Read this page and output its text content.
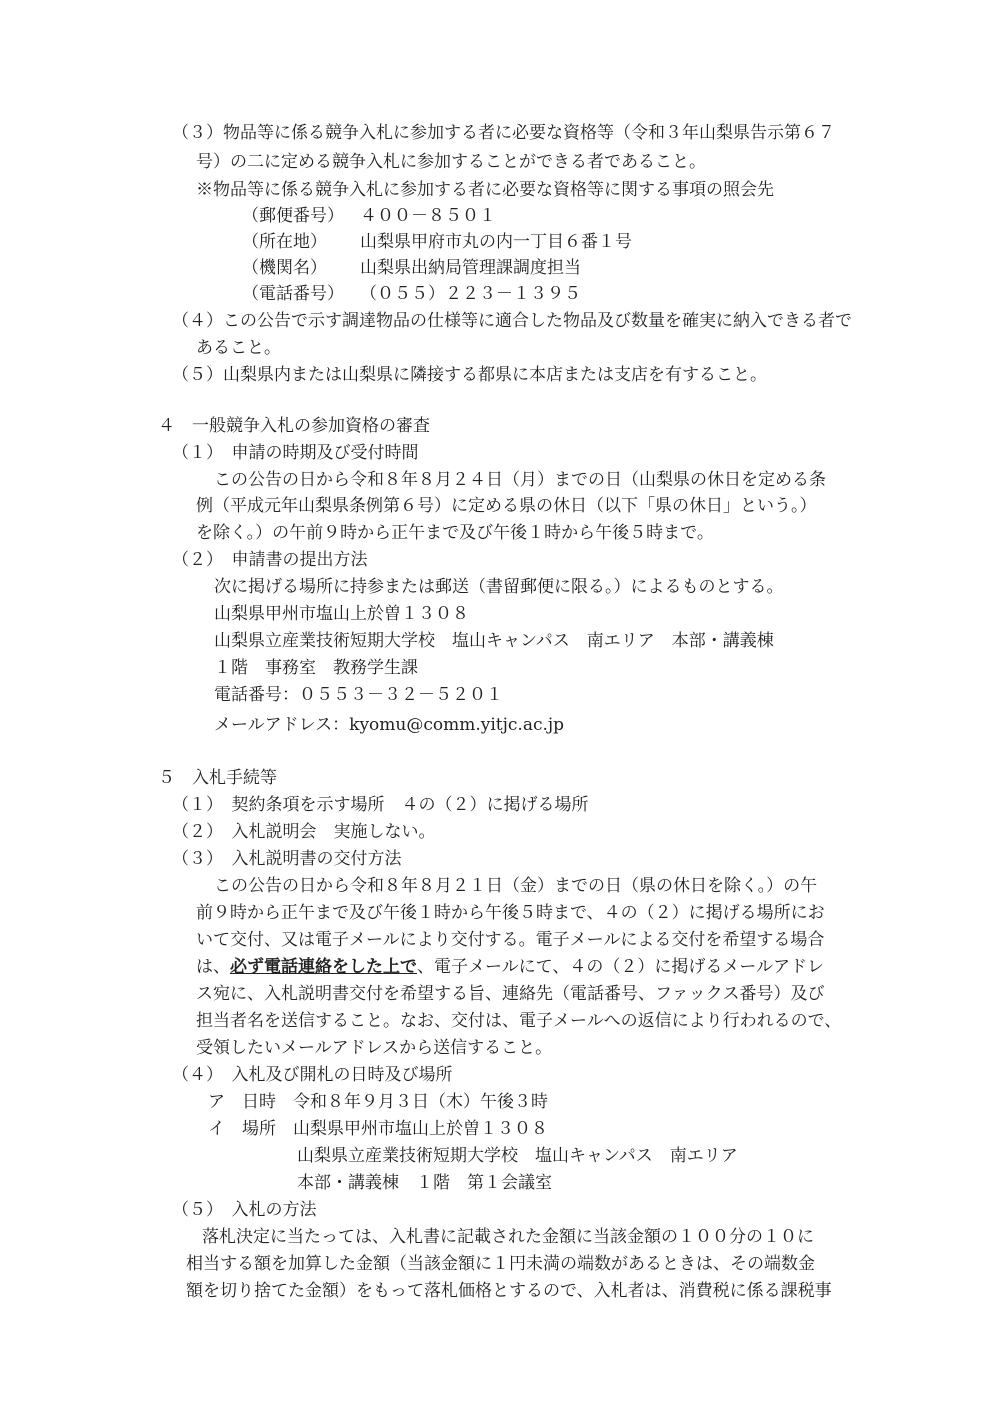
（３）物品等に係る競争入札に参加する者に必要な資格等（令和３年山梨県告示第６７
号）の二に定める競争入札に参加することができる者であること。
※物品等に係る競争入札に参加する者に必要な資格等に関する事項の照会先
（郵便番号） ４００－８５０１
（所在地） 山梨県甲府市丸の内一丁目６番１号
（機関名） 山梨県出納局管理課調度担当
（電話番号） （０５５）２２３－１３９５
（４）この公告で示す調達物品の仕様等に適合した物品及び数量を確実に納入できる者で
あること。
（５）山梨県内または山梨県に隣接する都県に本店または支店を有すること。
４　一般競争入札の参加資格の審査
（１）　申請の時期及び受付時間
この公告の日から令和８年８月２４日（月）までの日（山梨県の休日を定める条
例（平成元年山梨県条例第６号）に定める県の休日（以下「県の休日」という。）
を除く。）の午前９時から正午まで及び午後１時から午後５時まで。
（２）　申請書の提出方法
次に掲げる場所に持参または郵送（書留郵便に限る。）によるものとする。
山梨県甲州市塩山上於曽１３０８
山梨県立産業技術短期大学校　塩山キャンパス　南エリア　本部・講義棟
１階　事務室　教務学生課
電話番号：０５５３－３２－５２０１
メールアドレス：kyomu@comm.yitjc.ac.jp
５　入札手続等
（１）　契約条項を示す場所　４の（２）に掲げる場所
（２）　入札説明会　実施しない。
（３）　入札説明書の交付方法
この公告の日から令和８年８月２１日（金）までの日（県の休日を除く。）の午
前９時から正午まで及び午後１時から午後５時まで、４の（２）に掲げる場所にお
いて交付、又は電子メールにより交付する。電子メールによる交付を希望する場合
は、必ず電話連絡をした上で、電子メールにて、４の（２）に掲げるメールアドレ
ス宛に、入札説明書交付を希望する旨、連絡先（電話番号、ファックス番号）及び
担当者名を送信すること。なお、交付は、電子メールへの返信により行われるので、
受領したいメールアドレスから送信すること。
（４）　入札及び開札の日時及び場所
ア　日時　令和８年９月３日（木）午後３時
イ　場所　山梨県甲州市塩山上於曽１３０８
山梨県立産業技術短期大学校　塩山キャンパス　南エリア
本部・講義棟　１階　第１会議室
（５）　入札の方法
落札決定に当たっては、入札書に記載された金額に当該金額の１００分の１０に
相当する額を加算した金額（当該金額に１円未満の端数があるときは、その端数金
額を切り捨てた金額）をもって落札価格とするので、入札者は、消費税に係る課税事
